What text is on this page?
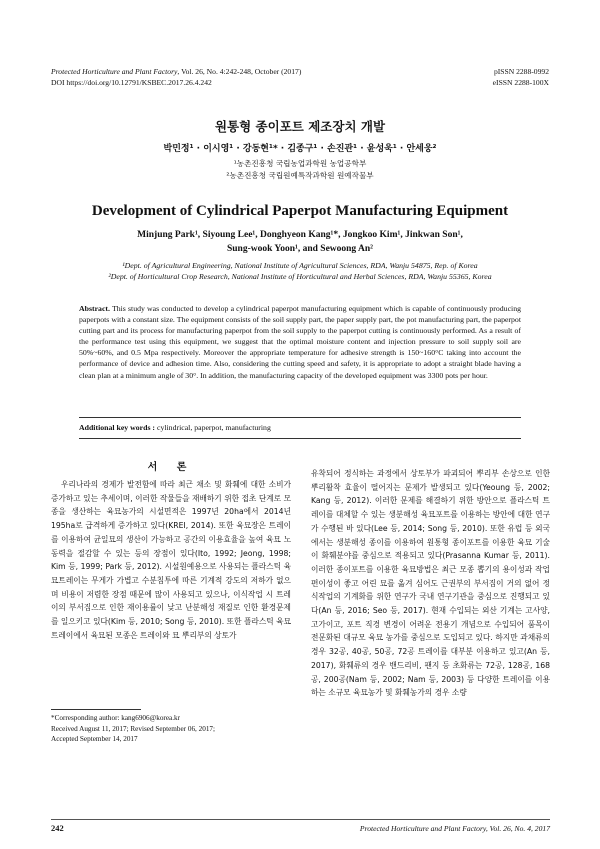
Protected Horticulture and Plant Factory, Vol. 26, No. 4:242-248, October (2017)
DOI https://doi.org/10.12791/KSBEC.2017.26.4.242
pISSN 2288-0992
eISSN 2288-100X
원통형 종이포트 제조장치 개발
박민정¹ · 이시영¹ · 강동현¹* · 김종구¹ · 손진관¹ · 윤성욱¹ · 안세웅²
¹농촌진흥청 국립농업과학원 농업공학부
²농촌진흥청 국립원예특작과학원 원예작물부
Development of Cylindrical Paperpot Manufacturing Equipment
Minjung Park¹, Siyoung Lee¹, Donghyeon Kang¹*, Jongkoo Kim¹, Jinkwan Son¹,
Sung-wook Yoon¹, and Sewoong An²
¹Dept. of Agricultural Engineering, National Institute of Agricultural Sciences, RDA, Wanju 54875, Rep. of Korea
²Dept. of Horticultural Crop Research, National Institute of Horticultural and Herbal Sciences, RDA, Wanju 55365, Korea
Abstract. This study was conducted to develop a cylindrical paperpot manufacturing equipment which is capable of continuously producing paperpots with a constant size. The equipment consists of the soil supply part, the paper supply part, the pot manufacturing part, the paperpot cutting part and its process for manufacturing paperpot from the soil supply to the paperpot cutting is continuously performed. As a result of the performance test using this equipment, we suggest that the optimal moisture content and injection pressure to soil supply soil are 50%~60%, and 0.5 Mpa respectively. Moreover the appropriate temperature for adhesive strength is 150~160°C taking into account the performance of device and adhesion time. Also, considering the cutting speed and safety, it is appropriate to adopt a straight blade having a clean plan at a minimum angle of 30°. In addition, the manufacturing capacity of the developed equipment was 3300 pots per hour.
Additional key words : cylindrical, paperpot, manufacturing
서 론
우리나라의 경제가 발전함에 따라 최근 채소 및 화훼에 대한 소비가 증가하고 있는 추세이며, 이러한 작물들을 재배하기 위한 접초 단계로 모종을 생산하는 육묘농가의 시설면적은 1997년 20ha에서 2014년 195ha로 급격하게 증가하고 있다(KREI, 2014). 또한 육묘장은 트레이를 이용하여 균일묘의 생산이 가능하고 공간의 이용효율을 높여 육묘 노동력을 절감할 수 있는 등의 장점이 있다(Ito, 1992; Jeong, 1998; Kim 등, 1999; Park 등, 2012). 시설원예용으로 사용되는 플라스틱 육묘트레이는 무게가 가볍고 수분침투에 따른 기계적 강도의 저하가 없으며 비용이 저렴한 장점 때문에 많이 사용되고 있으나, 이식작업 시 트레이의 부서짐으로 인한 재이용률이 낮고 난분해성 재질로 인한 환경문제를 일으키고 있다(Kim 등, 2010; Song 등, 2010). 또한 플라스틱 육묘 트레이에서 육묘된 모종은 트레이와 묘 뿌리부의 상토가
유착되어 정식하는 과정에서 상토부가 파괴되어 뿌리부 손상으로 인한 뿌리활착 효율이 떨어지는 문제가 발생되고 있다(Yeoung 등, 2002; Kang 등, 2012). 이러한 문제를 해결하기 위한 방안으로 플라스틱 트레이를 대체할 수 있는 생분해성 육묘포트를 이용하는 방안에 대한 연구가 수행된 바 있다(Lee 등, 2014; Song 등, 2010). 또한 유럽 등 외국에서는 생분해성 종이를 이용하여 원통형 종이포트를 이용한 육묘 기술이 화훼분야를 중심으로 적용되고 있다(Prasanna Kumar 등, 2011). 이러한 종이포트를 이용한 육묘방법은 최근 모종 뽑기의 용이성과 작업 편이성이 좋고 어린 묘를 옮겨 심어도 근권부의 부서짐이 거의 없어 정식작업의 기계화를 위한 연구가 국내 연구기관을 중심으로 진행되고 있다(An 등, 2016; Seo 등, 2017). 현재 수입되는 외산 기계는 고사양, 고가이고, 포트 직경 변경이 어려운 전용기 개념으로 수입되어 품목이 전문화된 대규모 육묘 농가를 중심으로 도입되고 있다. 하지만 과채류의 경우 32공, 40공, 50공, 72공 트레이를 대부분 이용하고 있고(An 등, 2017), 화훼류의 경우 밴드리비, 팬지 등 초화류는 72공, 128공, 168공, 200공(Nam 등, 2002; Nam 등, 2003) 등 다양한 트레이를 이용하는 소규모 육묘농가 및 화훼농가의 경우 소량
*Corresponding author: kang6906@korea.kr
Received August 11, 2017; Revised September 06, 2017;
Accepted September 14, 2017
242	Protected Horticulture and Plant Factory, Vol. 26, No. 4, 2017
